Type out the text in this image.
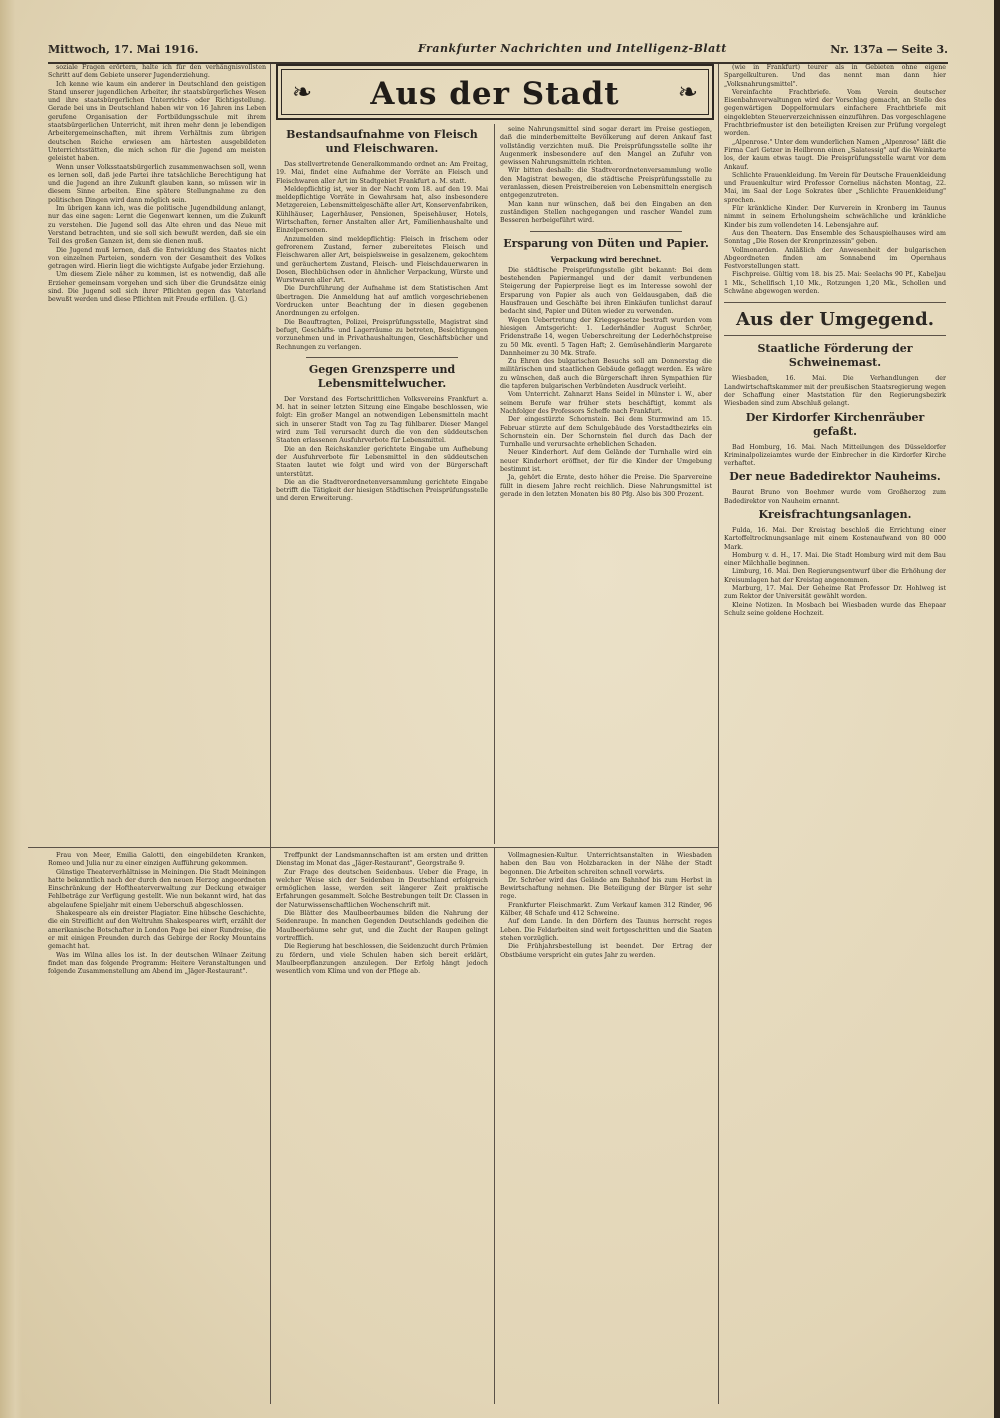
Mittwoch, 17. Mai 1916.	Frankfurter Nachrichten und Intelligenz-Blatt	Nr. 137a — Seite 3.
❧	Aus der Stadt	❧

soziale Fragen erörtern, halte ich für den verhängnisvollsten Schritt auf dem Gebiete unserer Jugenderziehung.

Ich kenne wie kaum ein anderer in Deutschland den geistigen Stand unserer jugendlichen Arbeiter, ihr staatsbürgerliches Wesen und ihre staatsbürgerlichen Unterrichts- oder Richtigstellung. Gerade bei uns in Deutschland haben wir von 16 Jahren ins Leben gerufene Organisation der Fortbildungsschule mit ihrem staatsbürgerlichen Unterricht, mit ihren mehr denn je lebendigen Arbeitergemeinschaften, mit ihrem Verhältnis zum übrigen deutschen Reiche erwiesen am härtesten ausgebildeten Unterrichtsstätten, die mich schon für die Jugend am meisten geleistet haben.

Wenn unser Volksstaatsbürgerlich zusammenwachsen soll, wenn es lernen soll, daß jede Partei ihre tatsächliche Berechtigung hat und die Jugend an ihre Zukunft glauben kann, so müssen wir in diesem Sinne arbeiten. Eine spätere Stellungnahme zu den politischen Dingen wird dann möglich sein.

Im übrigen kann ich, was die politische Jugendbildung anlangt, nur das eine sagen: Lernt die Gegenwart kennen, um die Zukunft zu verstehen. Die Jugend soll das Alte ehren und das Neue mit Verstand betrachten, und sie soll sich bewußt werden, daß sie ein Teil des großen Ganzen ist, dem sie dienen muß.

Die Jugend muß lernen, daß die Entwicklung des Staates nicht von einzelnen Parteien, sondern von der Gesamtheit des Volkes getragen wird. Hierin liegt die wichtigste Aufgabe jeder Erziehung.

Um diesem Ziele näher zu kommen, ist es notwendig, daß alle Erzieher gemeinsam vorgehen und sich über die Grundsätze einig sind. Die Jugend soll sich ihrer Pflichten gegen das Vaterland bewußt werden und diese Pflichten mit Freude erfüllen. (J. G.)

Bestandsaufnahme von Fleisch und Fleischwaren.

Das stellvertretende Generalkommando ordnet an: Am Freitag, 19. Mai, findet eine Aufnahme der Vorräte an Fleisch und Fleischwaren aller Art im Stadtgebiet Frankfurt a. M. statt.

Meldepflichtig ist, wer in der Nacht vom 18. auf den 19. Mai meldepflichtige Vorräte in Gewahrsam hat, also insbesondere Metzgereien, Lebensmittelgeschäfte aller Art, Konservenfabriken, Kühlhäuser, Lagerhäuser, Pensionen, Speisehäuser, Hotels, Wirtschaften, ferner Anstalten aller Art, Familienhaushalte und Einzelpersonen.

Anzumelden sind meldepflichtig: Fleisch in frischem oder gefrorenem Zustand, ferner zubereitetes Fleisch und Fleischwaren aller Art, beispielsweise in gesalzenem, gekochtem und geräuchertem Zustand, Fleisch- und Fleischdauerwaren in Dosen, Blechbüchsen oder in ähnlicher Verpackung, Würste und Wurstwaren aller Art.

Die Durchführung der Aufnahme ist dem Statistischen Amt übertragen. Die Anmeldung hat auf amtlich vorgeschriebenen Vordrucken unter Beachtung der in diesen gegebenen Anordnungen zu erfolgen.

Die Beauftragten, Polizei, Preisprüfungsstelle, Magistrat sind befugt, Geschäfts- und Lagerräume zu betreten, Besichtigungen vorzunehmen und in Privathaushaltungen, Geschäftsbücher und Rechnungen zu verlangen.

Gegen Grenzsperre und Lebensmittelwucher.

Der Vorstand des Fortschrittlichen Volksvereins Frankfurt a. M. hat in seiner letzten Sitzung eine Eingabe beschlossen, wie folgt: Ein großer Mangel an notwendigen Lebensmitteln macht sich in unserer Stadt von Tag zu Tag fühlbarer. Dieser Mangel wird zum Teil verursacht durch die von den süddeutschen Staaten erlassenen Ausfuhrverbote für Lebensmittel.

Die an den Reichskanzler gerichtete Eingabe um Aufhebung der Ausfuhrverbote für Lebensmittel in den süddeutschen Staaten lautet wie folgt und wird von der Bürgerschaft unterstützt.

Die an die Stadtverordnetenversammlung gerichtete Eingabe betrifft die Tätigkeit der hiesigen Städtischen Preisprüfungsstelle und deren Erweiterung.

seine Nahrungsmittel sind sogar derart im Preise gestiegen, daß die minderbemittelte Bevölkerung auf deren Ankauf fast vollständig verzichten muß. Die Preisprüfungsstelle sollte ihr Augenmerk insbesondere auf den Mangel an Zufuhr von gewissen Nahrungsmitteln richten.

Wir bitten deshalb: die Stadtverordnetenversammlung wolle den Magistrat bewegen, die städtische Preisprüfungsstelle zu veranlassen, diesen Preistreibereien von Lebensmitteln energisch entgegenzutreten.

Man kann nur wünschen, daß bei den Eingaben an den zuständigen Stellen nachgegangen und rascher Wandel zum Besseren herbeigeführt wird.

Ersparung von Düten und Papier.
Verpackung wird berechnet.

Die städtische Preisprüfungsstelle gibt bekannt: Bei dem bestehenden Papiermangel und der damit verbundenen Steigerung der Papierpreise liegt es im Interesse sowohl der Ersparung von Papier als auch von Geldausgaben, daß die Hausfrauen und Geschäfte bei ihren Einkäufen tunlichst darauf bedacht sind, Papier und Düten wieder zu verwenden.

Wegen Uebertretung der Kriegsgesetze bestraft wurden vom hiesigen Amtsgericht: 1. Lederhändler August Schröer, Fridenstraße 14, wegen Ueberschreitung der Lederhöchstpreise zu 50 Mk. eventl. 5 Tagen Haft; 2. Gemüsehändlerin Margarete Dannheimer zu 30 Mk. Strafe.

Zu Ehren des bulgarischen Besuchs soll am Donnerstag die militärischen und staatlichen Gebäude geflaggt werden. Es wäre zu wünschen, daß auch die Bürgerschaft ihren Sympathien für die tapferen bulgarischen Verbündeten Ausdruck verleiht.

Vom Unterricht. Zahnarzt Hans Seidel in Münster i. W., aber seinem Berufe war früher stets beschäftigt, kommt als Nachfolger des Professors Scheffe nach Frankfurt.

Der eingestürzte Schornstein. Bei dem Sturmwind am 15. Februar stürzte auf dem Schulgebäude des Vorstadtbezirks ein Schornstein ein. Der Schornstein fiel durch das Dach der Turnhalle und verursachte erheblichen Schaden.

Neuer Kinderhort. Auf dem Gelände der Turnhalle wird ein neuer Kinderhort eröffnet, der für die Kinder der Umgebung bestimmt ist.

Ja, gehört die Ernte, desto höher die Preise. Die Sparvereine füllt in diesem Jahre recht reichlich. Diese Nahrungsmittel ist gerade in den letzten Monaten bis 80 Pfg. Also bis 300 Prozent.

(wie in Frankfurt) teurer als in Gebieten ohne eigene Spargelkulturen. Und das nennt man dann hier „Volksnahrungsmittel".

Vereinfachte Frachtbriefe. Vom Verein deutscher Eisenbahnverwaltungen wird der Vorschlag gemacht, an Stelle des gegenwärtigen Doppelformulars einfachere Frachtbriefe mit eingeklebten Steuerverzeichnissen einzuführen. Das vorgeschlagene Frachtbriefmuster ist den beteiligten Kreisen zur Prüfung vorgelegt worden.

„Alpenrose." Unter dem wunderlichen Namen „Alpenrose" läßt die Firma Carl Getzer in Heilbronn einen „Salatessig" auf die Weinkarte los, der kaum etwas taugt. Die Preisprüfungsstelle warnt vor dem Ankauf.

Schlichte Frauenkleidung. Im Verein für Deutsche Frauenkleidung und Frauenkultur wird Professor Cornelius nächsten Montag, 22. Mai, im Saal der Loge Sokrates über „Schlichte Frauenkleidung" sprechen.

Für kränkliche Kinder. Der Kurverein in Kronberg im Taunus nimmt in seinem Erholungsheim schwächliche und kränkliche Kinder bis zum vollendeten 14. Lebensjahre auf.

Aus den Theatern. Das Ensemble des Schauspielhauses wird am Sonntag „Die Rosen der Kronprinzessin" geben.

Vollmonarden. Anläßlich der Anwesenheit der bulgarischen Abgeordneten finden am Sonnabend im Opernhaus Festvorstellungen statt.

Fischpreise. Gültig vom 18. bis 25. Mai: Seelachs 90 Pf., Kabeljau 1 Mk., Schellfisch 1,10 Mk., Rotzungen 1,20 Mk., Schollen und Schwäne abgewogen werden.

Aus der Umgegend.
Staatliche Förderung der Schweinemast.

Wiesbaden, 16. Mai. Die Verhandlungen der Landwirtschaftskammer mit der preußischen Staatsregierung wegen der Schaffung einer Maststation für den Regierungsbezirk Wiesbaden sind zum Abschluß gelangt.

Der Kirdorfer Kirchenräuber gefaßt.

Bad Homburg, 16. Mai. Nach Mitteilungen des Düsseldorfer Kriminalpolizeiamtes wurde der Einbrecher in die Kirdorfer Kirche verhaftet.

Der neue Badedirektor Nauheims.

Baurat Bruno von Boehmer wurde vom Großherzog zum Badedirektor von Nauheim ernannt.

Kreisfrachtungsanlagen.

Fulda, 16. Mai. Der Kreistag beschloß die Errichtung einer Kartoffeltrocknungsanlage mit einem Kostenaufwand von 80 000 Mark.

Homburg v. d. H., 17. Mai. Die Stadt Homburg wird mit dem Bau einer Milchhalle beginnen.

Limburg, 16. Mai. Den Regierungsentwurf über die Erhöhung der Kreisumlagen hat der Kreistag angenommen.

Marburg, 17. Mai. Der Geheime Rat Professor Dr. Hohlweg ist zum Rektor der Universität gewählt worden.

Kleine Notizen. In Mosbach bei Wiesbaden wurde das Ehepaar Schulz seine goldene Hochzeit.

Frau von Meer, Emilia Galotti, den eingebildeten Kranken, Romeo und Julia nur zu einer einzigen Aufführung gekommen.

Günstige Theaterverhältnisse in Meiningen. Die Stadt Meiningen hatte bekanntlich nach der durch den neuen Herzog angeordneten Einschränkung der Hoftheaterverwaltung zur Deckung etwaiger Fehlbeträge zur Verfügung gestellt. Wie nun bekannt wird, hat das abgelaufene Spieljahr mit einem Ueberschuß abgeschlossen.

Shakespeare als ein dreister Plagiator. Eine hübsche Geschichte, die ein Streiflicht auf den Weltruhm Shakespeares wirft, erzählt der amerikanische Botschafter in London Page bei einer Rundreise, die er mit einigen Freunden durch das Gebirge der Rocky Mountains gemacht hat.

Was im Wilna alles los ist. In der deutschen Wilnaer Zeitung findet man das folgende Programm: Heitere Veranstaltungen und folgende Zusammenstellung am Abend im „Jäger-Restaurant".

Treffpunkt der Landsmannschaften ist am ersten und dritten Dienstag im Monat das „Jäger-Restaurant", Georgstraße 9.

Zur Frage des deutschen Seidenbaus. Ueber die Frage, in welcher Weise sich der Seidenbau in Deutschland erfolgreich ermöglichen lasse, werden seit längerer Zeit praktische Erfahrungen gesammelt. Solche Bestrebungen teilt Dr. Classen in der Naturwissenschaftlichen Wochenschrift mit.

Die Blätter des Maulbeerbaumes bilden die Nahrung der Seidenraupe. In manchen Gegenden Deutschlands gedeihen die Maulbeerbäume sehr gut, und die Zucht der Raupen gelingt vortrefflich.

Die Regierung hat beschlossen, die Seidenzucht durch Prämien zu fördern, und viele Schulen haben sich bereit erklärt, Maulbeerpflanzungen anzulegen. Der Erfolg hängt jedoch wesentlich vom Klima und von der Pflege ab.

Vollmagnesien-Kultur. Unterrichtsanstalten in Wiesbaden haben den Bau von Holzbaracken in der Nähe der Stadt begonnen. Die Arbeiten schreiten schnell vorwärts.

Dr. Schröer wird das Gelände am Bahnhof bis zum Herbst in Bewirtschaftung nehmen. Die Beteiligung der Bürger ist sehr rege.

Frankfurter Fleischmarkt. Zum Verkauf kamen 312 Rinder, 96 Kälber, 48 Schafe und 412 Schweine.

Auf dem Lande. In den Dörfern des Taunus herrscht reges Leben. Die Feldarbeiten sind weit fortgeschritten und die Saaten stehen vorzüglich.

Die Frühjahrsbestellung ist beendet. Der Ertrag der Obstbäume verspricht ein gutes Jahr zu werden.
